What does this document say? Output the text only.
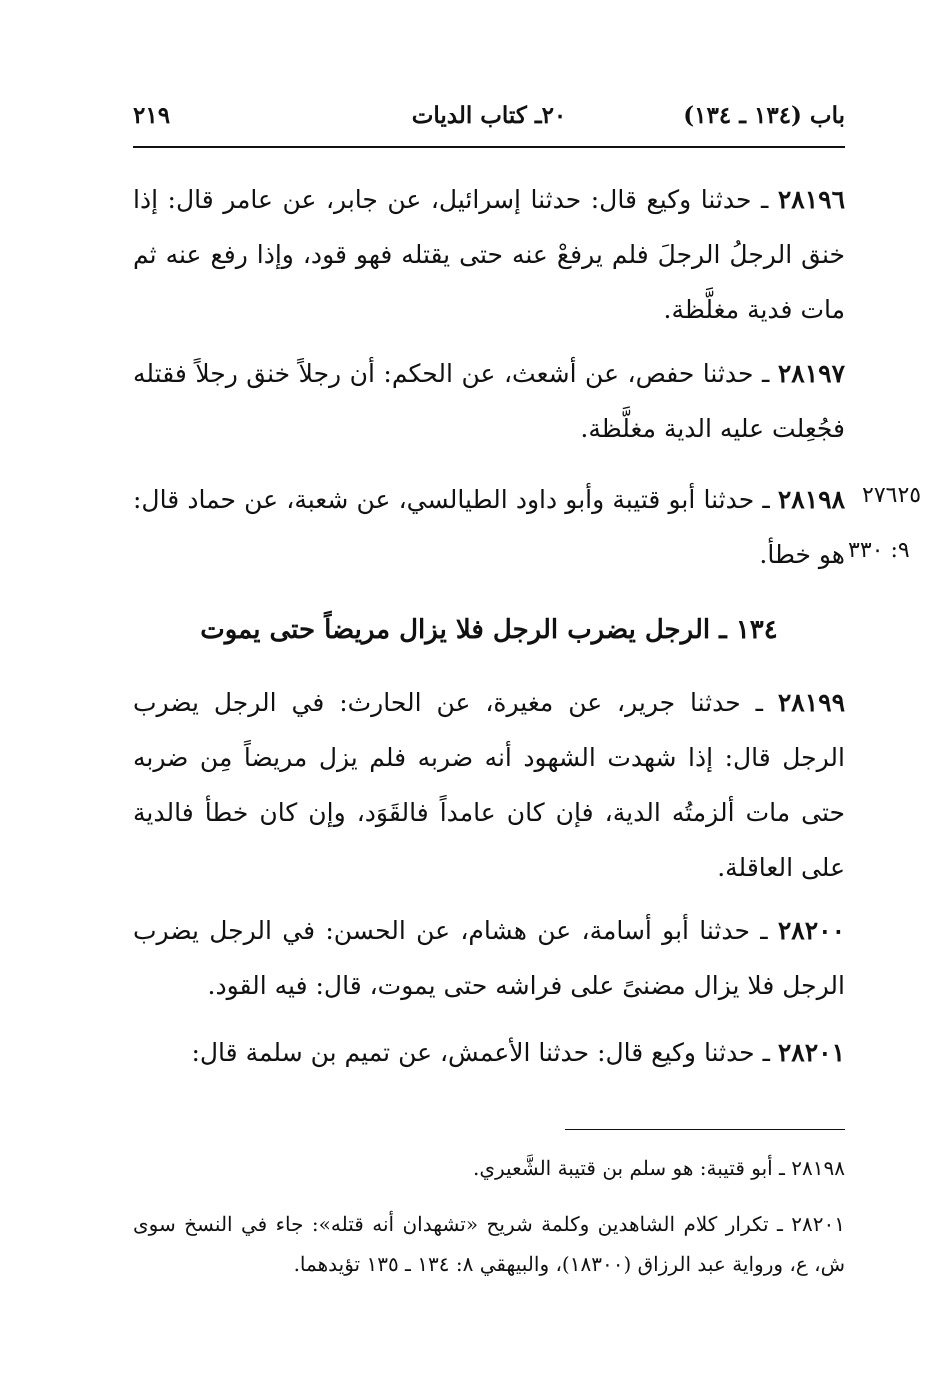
باب (١٣٤ ـ ١٣٤)
٢٠ـ كتاب الديات
٢١٩
٢٨١٩٦ ـ حدثنا وكيع قال: حدثنا إسرائيل، عن جابر، عن عامر قال: إذا خنق الرجلُ الرجلَ فلم يرفعْ عنه حتى يقتله فهو قود، وإذا رفع عنه ثم مات فدية مغلَّظة.
٢٨١٩٧ ـ حدثنا حفص، عن أشعث، عن الحكم: أن رجلاً خنق رجلاً فقتله فجُعِلت عليه الدية مغلَّظة.
٢٨١٩٨ ـ حدثنا أبو قتيبة وأبو داود الطيالسي، عن شعبة، عن حماد قال: هو خطأ.
١٣٤ ـ الرجل يضرب الرجل فلا يزال مريضاً حتى يموت
٢٨١٩٩ ـ حدثنا جرير، عن مغيرة، عن الحارث: في الرجل يضرب الرجل قال: إذا شهدت الشهود أنه ضربه فلم يزل مريضاً مِن ضربه حتى مات ألزمتُه الدية، فإن كان عامداً فالقَوَد، وإن كان خطأ فالدية على العاقلة.
٢٨٢٠٠ ـ حدثنا أبو أسامة، عن هشام، عن الحسن: في الرجل يضرب الرجل فلا يزال مضنىً على فراشه حتى يموت، قال: فيه القود.
٢٨٢٠١ ـ حدثنا وكيع قال: حدثنا الأعمش، عن تميم بن سلمة قال:
٢٧٦٢٥
٩: ٣٣٠
٢٨١٩٨ ـ أبو قتيبة: هو سلم بن قتيبة الشَّعيري.
٢٨٢٠١ ـ تكرار كلام الشاهدين وكلمة شريح «تشهدان أنه قتله»: جاء في النسخ سوى ش، ع، ورواية عبد الرزاق (١٨٣٠٠)، والبيهقي ٨: ١٣٤ ـ ١٣٥ تؤيدهما.
